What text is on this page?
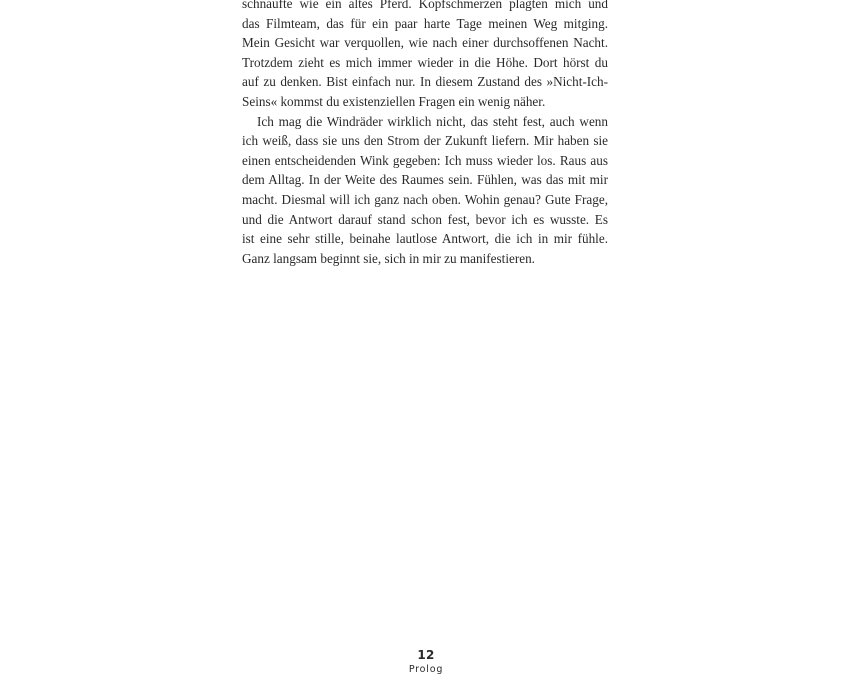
schnaufte wie ein altes Pferd. Kopfschmerzen plagten mich und
das Filmteam, das für ein paar harte Tage meinen Weg mitging.
Mein Gesicht war verquollen, wie nach einer durchsoffenen Nacht.
Trotzdem zieht es mich immer wieder in die Höhe. Dort hörst du
auf zu denken. Bist einfach nur. In diesem Zustand des »Nicht-Ich-
Seins« kommst du existenziellen Fragen ein wenig näher.

Ich mag die Windräder wirklich nicht, das steht fest, auch wenn
ich weiß, dass sie uns den Strom der Zukunft liefern. Mir haben sie
einen entscheidenden Wink gegeben: Ich muss wieder los. Raus aus
dem Alltag. In der Weite des Raumes sein. Fühlen, was das mit mir
macht. Diesmal will ich ganz nach oben. Wohin genau? Gute Frage,
und die Antwort darauf stand schon fest, bevor ich es wusste. Es
ist eine sehr stille, beinahe lautlose Antwort, die ich in mir fühle.
Ganz langsam beginnt sie, sich in mir zu manifestieren.

12
Prolog
